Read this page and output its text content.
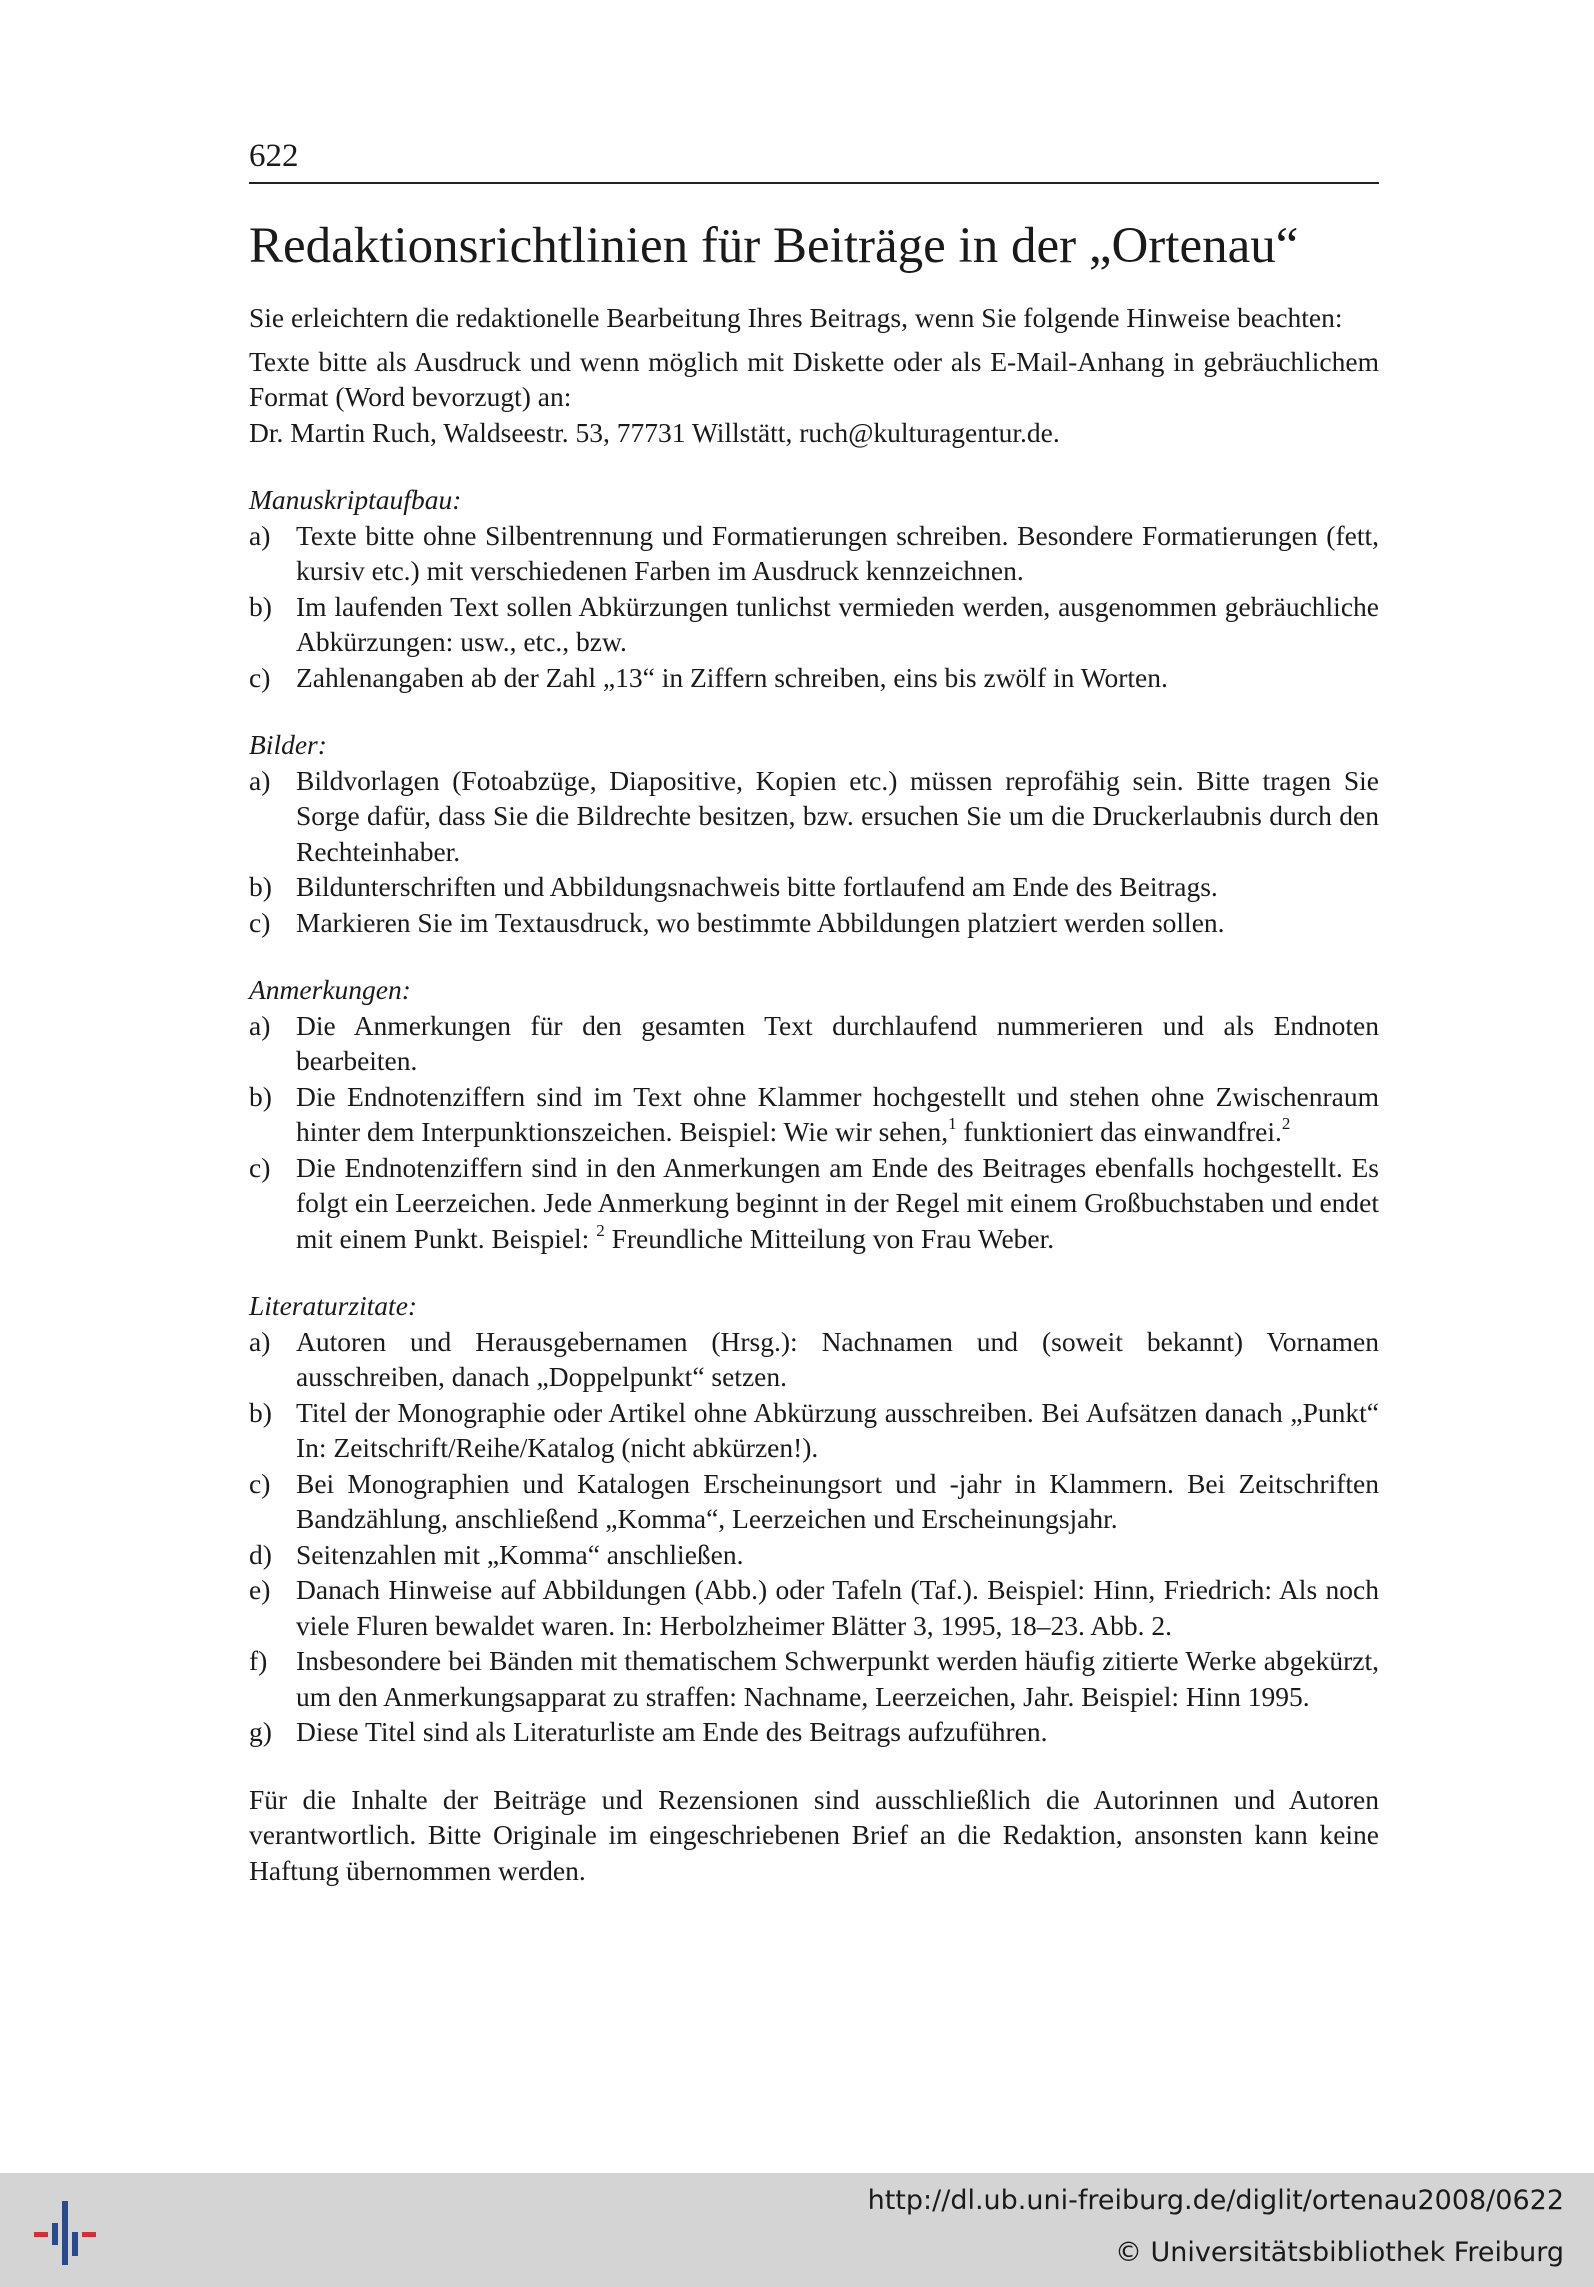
622
Redaktionsrichtlinien für Beiträge in der „Ortenau“

Sie erleichtern die redaktionelle Bearbeitung Ihres Beitrags, wenn Sie folgende Hinweise beachten:

Texte bitte als Ausdruck und wenn möglich mit Diskette oder als E-Mail-Anhang in gebräuchlichem Format (Word bevorzugt) an:

Dr. Martin Ruch, Waldseestr. 53, 77731 Willstätt, ruch@kulturagentur.de.

Manuskriptaufbau:

a) Texte bitte ohne Silbentrennung und Formatierungen schreiben. Besondere Formatierungen (fett, kursiv etc.) mit verschiedenen Farben im Ausdruck kennzeichnen.

b) Im laufenden Text sollen Abkürzungen tunlichst vermieden werden, ausgenommen gebräuchliche Abkürzungen: usw., etc., bzw.

c) Zahlenangaben ab der Zahl „13“ in Ziffern schreiben, eins bis zwölf in Worten.

Bilder:

a) Bildvorlagen (Fotoabzüge, Diapositive, Kopien etc.) müssen reprofähig sein. Bitte tragen Sie Sorge dafür, dass Sie die Bildrechte besitzen, bzw. ersuchen Sie um die Druckerlaubnis durch den Rechteinhaber.

b) Bildunterschriften und Abbildungsnachweis bitte fortlaufend am Ende des Beitrags.

c) Markieren Sie im Textausdruck, wo bestimmte Abbildungen platziert werden sollen.

Anmerkungen:

a) Die Anmerkungen für den gesamten Text durchlaufend nummerieren und als Endnoten bearbeiten.

b) Die Endnotenziffern sind im Text ohne Klammer hochgestellt und stehen ohne Zwischenraum hinter dem Interpunktionszeichen. Beispiel: Wie wir sehen,$^1$ funktioniert das einwandfrei.$^2$

c) Die Endnotenziffern sind in den Anmerkungen am Ende des Beitrages ebenfalls hochgestellt. Es folgt ein Leerzeichen. Jede Anmerkung beginnt in der Regel mit einem Großbuchstaben und endet mit einem Punkt. Beispiel: $^2$ Freundliche Mitteilung von Frau Weber.

Literaturzitate:

a) Autoren und Herausgebernamen (Hrsg.): Nachnamen und (soweit bekannt) Vornamen ausschreiben, danach „Doppelpunkt“ setzen.

b) Titel der Monographie oder Artikel ohne Abkürzung ausschreiben. Bei Aufsätzen danach „Punkt“ In: Zeitschrift/Reihe/Katalog (nicht abkürzen!).

c) Bei Monographien und Katalogen Erscheinungsort und -jahr in Klammern. Bei Zeitschriften Bandzählung, anschließend „Komma“, Leerzeichen und Erscheinungsjahr.

d) Seitenzahlen mit „Komma“ anschließen.

e) Danach Hinweise auf Abbildungen (Abb.) oder Tafeln (Taf.). Beispiel: Hinn, Friedrich: Als noch viele Fluren bewaldet waren. In: Herbolzheimer Blätter 3, 1995, 18–23. Abb. 2.

f) Insbesondere bei Bänden mit thematischem Schwerpunkt werden häufig zitierte Werke abgekürzt, um den Anmerkungsapparat zu straffen: Nachname, Leerzeichen, Jahr. Beispiel: Hinn 1995.

g) Diese Titel sind als Literaturliste am Ende des Beitrags aufzuführen.

Für die Inhalte der Beiträge und Rezensionen sind ausschließlich die Autorinnen und Autoren verantwortlich. Bitte Originale im eingeschriebenen Brief an die Redaktion, ansonsten kann keine Haftung übernommen werden.

http://dl.ub.uni-freiburg.de/diglit/ortenau2008/0622
© Universitätsbibliothek Freiburg
